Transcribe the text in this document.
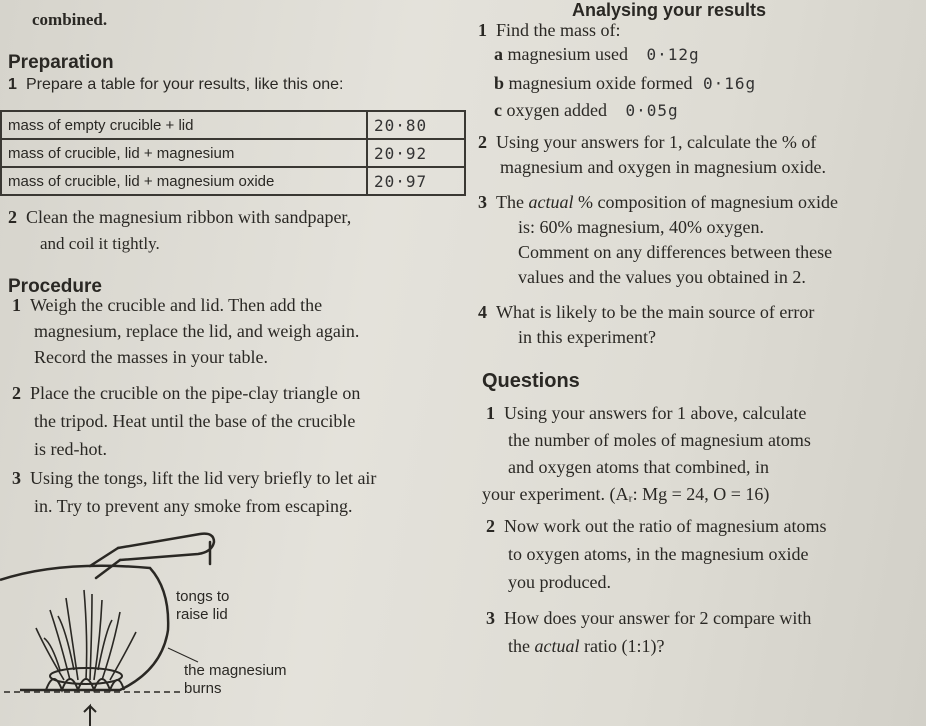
combined.
Preparation
1 Prepare a table for your results, like this one:
mass of empty crucible + lid	20·80
mass of crucible, lid + magnesium	20·92
mass of crucible, lid + magnesium oxide	20·97
2 Clean the magnesium ribbon with sandpaper,
and coil it tightly.
Procedure
1 Weigh the crucible and lid. Then add the
magnesium, replace the lid, and weigh again.
Record the masses in your table.
2 Place the crucible on the pipe-clay triangle on
the tripod. Heat until the base of the crucible
is red-hot.
3 Using the tongs, lift the lid very briefly to let air
in. Try to prevent any smoke from escaping.
tongs to
raise lid
the magnesium
burns
Analysing your results
1 Find the mass of:
a magnesium used 0·12g
b magnesium oxide formed 0·16g
c oxygen added 0·05g
2 Using your answers for 1, calculate the % of
magnesium and oxygen in magnesium oxide.
3 The actual % composition of magnesium oxide
is: 60% magnesium, 40% oxygen.
Comment on any differences between these
values and the values you obtained in 2.
4 What is likely to be the main source of error
in this experiment?
Questions
1 Using your answers for 1 above, calculate
the number of moles of magnesium atoms
and oxygen atoms that combined, in
your experiment. (Aᵣ: Mg = 24, O = 16)
2 Now work out the ratio of magnesium atoms
to oxygen atoms, in the magnesium oxide
you produced.
3 How does your answer for 2 compare with
the actual ratio (1:1)?
